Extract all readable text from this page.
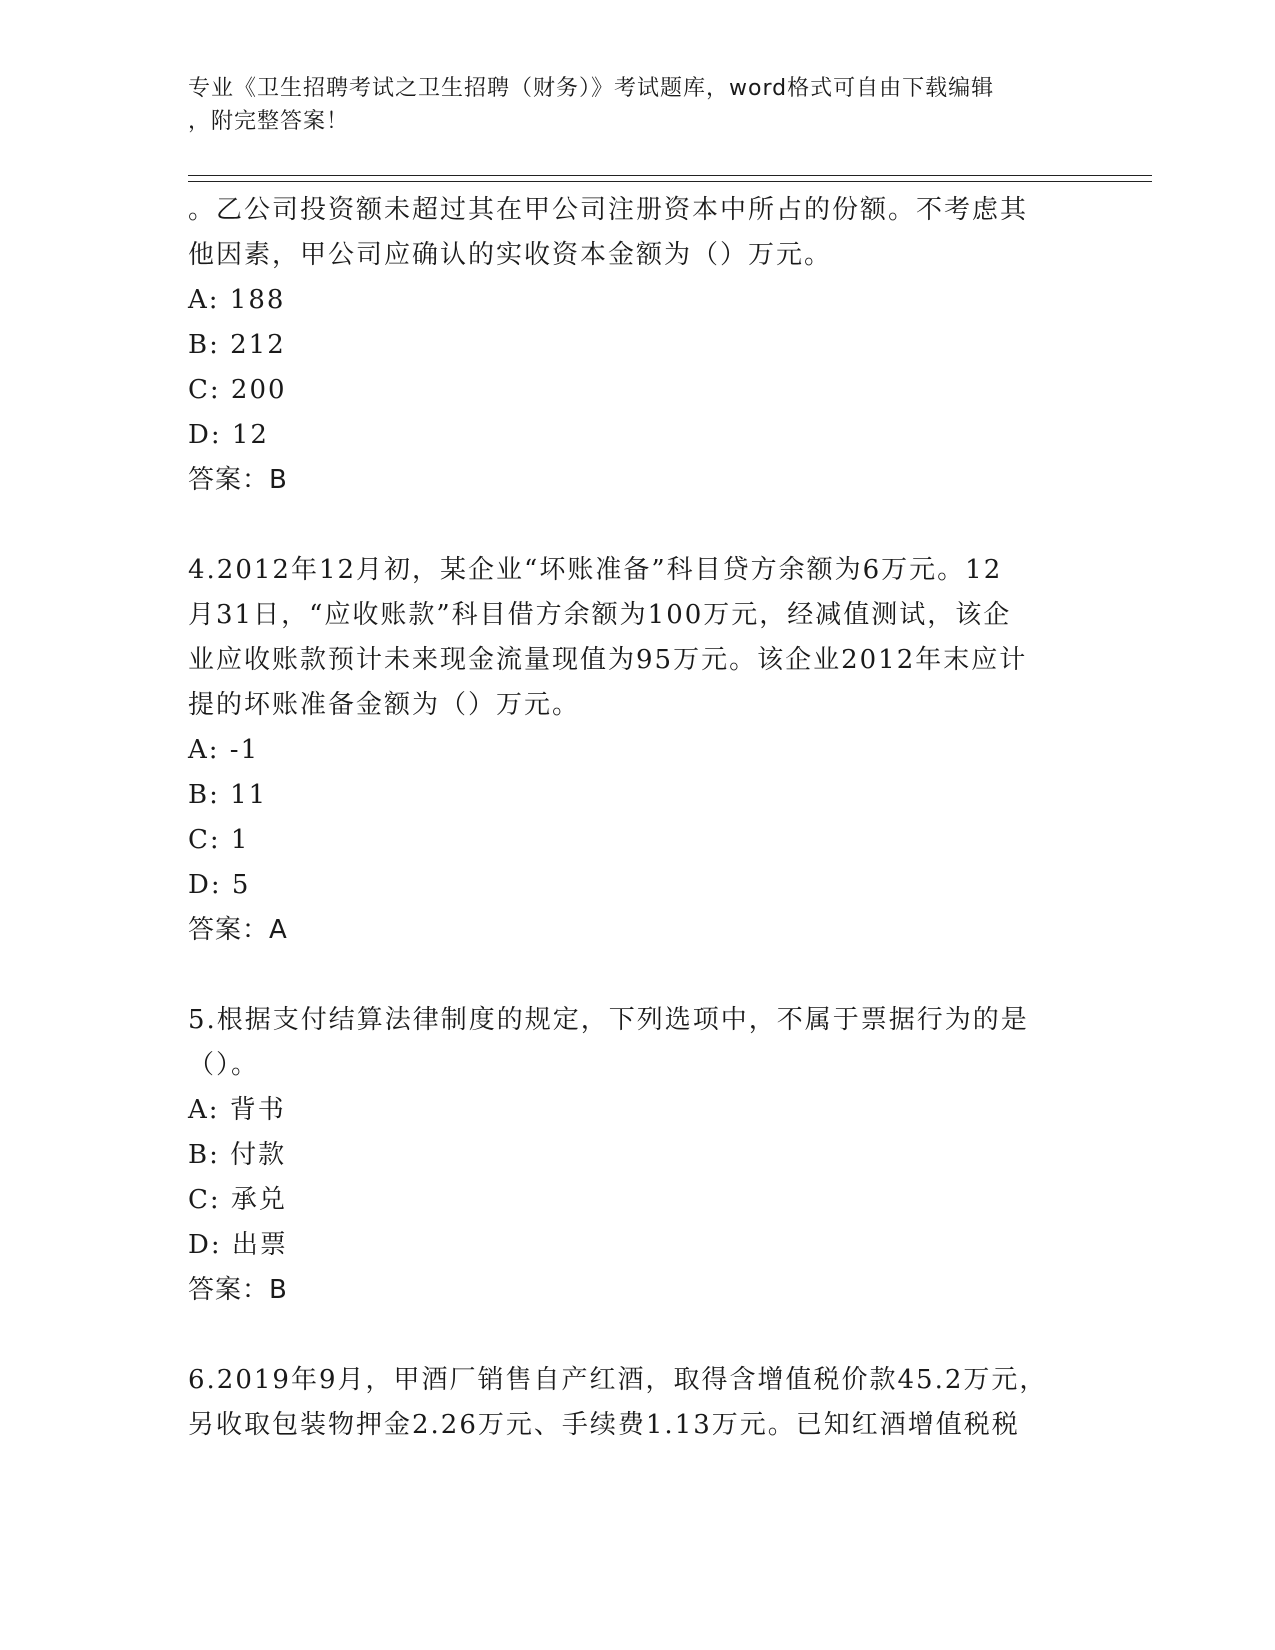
专业《卫生招聘考试之卫生招聘（财务）》考试题库，word格式可自由下载编辑
，附完整答案！
。乙公司投资额未超过其在甲公司注册资本中所占的份额。不考虑其
他因素，甲公司应确认的实收资本金额为（）万元。
A: 188
B: 212
C: 200
D: 12
答案：B
4.2012年12月初，某企业“坏账准备”科目贷方余额为6万元。12
月31日，“应收账款”科目借方余额为100万元，经减值测试，该企
业应收账款预计未来现金流量现值为95万元。该企业2012年末应计
提的坏账准备金额为（）万元。
A: -1
B: 11
C: 1
D: 5
答案：A
5.根据支付结算法律制度的规定，下列选项中，不属于票据行为的是
（）。
A: 背书
B: 付款
C: 承兑
D: 出票
答案：B
6.2019年9月，甲酒厂销售自产红酒，取得含增值税价款45.2万元，
另收取包装物押金2.26万元、手续费1.13万元。已知红酒增值税税
